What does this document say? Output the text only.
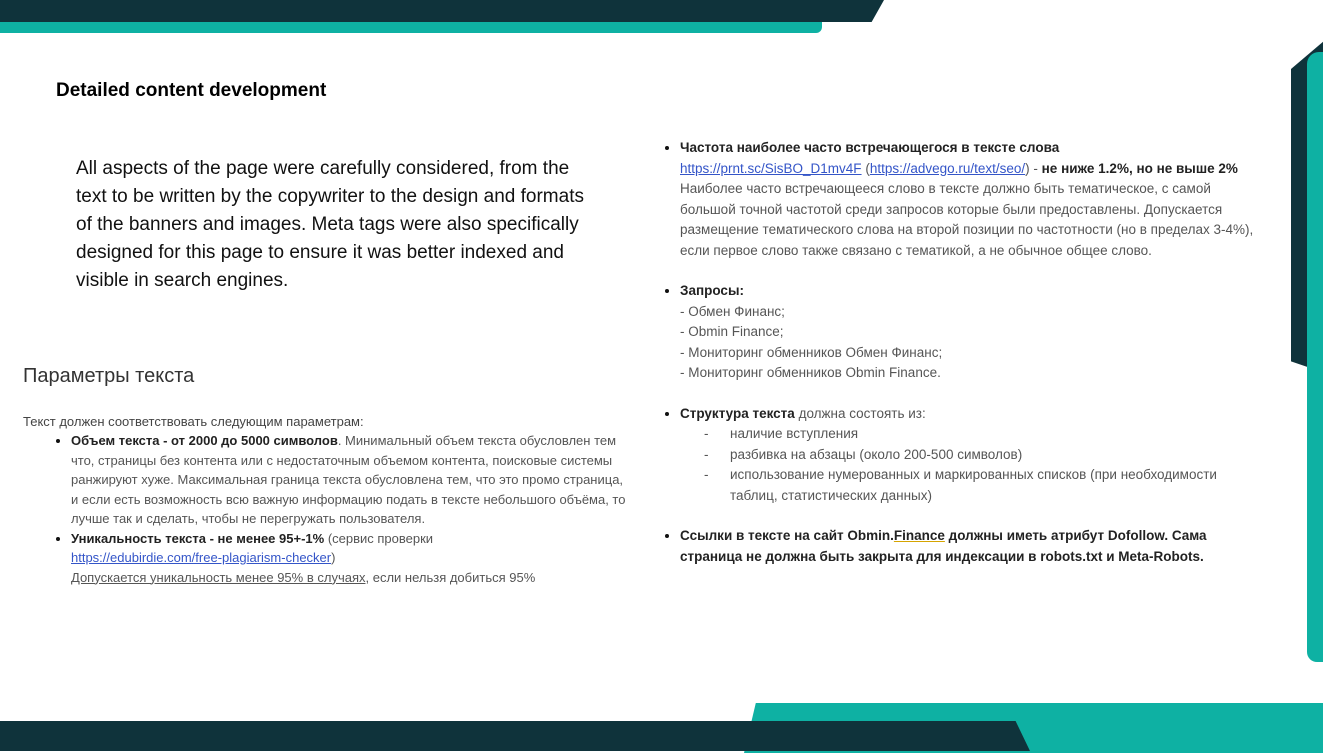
Detailed content development

All aspects of the page were carefully considered, from the text to be written by the copywriter to the design and formats of the banners and images. Meta tags were also specifically designed for this page to ensure it was better indexed and visible in search engines.

Параметры текста
Текст должен соответствовать следующим параметрам:
• Объем текста - от 2000 до 5000 символов. Минимальный объем текста обусловлен тем что, страницы без контента или с недостаточным объемом контента, поисковые системы ранжируют хуже. Максимальная граница текста обусловлена тем, что это промо страница, и если есть возможность всю важную информацию подать в тексте небольшого объёма, то лучше так и сделать, чтобы не перегружать пользователя.
• Уникальность текста - не менее 95+-1% (сервис проверки
https://edubirdie.com/free-plagiarism-checker)
Допускается уникальность менее 95% в случаях, если нельзя добиться 95%
• Частота наиболее часто встречающегося в тексте слова
https://prnt.sc/SisBO_D1mv4F (https://advego.ru/text/seo/) - не ниже 1.2%, но не выше 2%
Наиболее часто встречающееся слово в тексте должно быть тематическое, с самой большой точной частотой среди запросов которые были предоставлены. Допускается размещение тематического слова на второй позиции по частотности (но в пределах 3-4%), если первое слово также связано с тематикой, а не обычное общее слово.
• Запросы:
- Обмен Финанс;
- Obmin Finance;
- Мониторинг обменников Обмен Финанс;
- Мониторинг обменников Obmin Finance.
• Структура текста должна состоять из:
- наличие вступления
- разбивка на абзацы (около 200-500 символов)
- использование нумерованных и маркированных списков (при необходимости таблиц, статистических данных)
• Ссылки в тексте на сайт Obmin.Finance должны иметь атрибут Dofollow. Сама страница не должна быть закрыта для индексации в robots.txt и Meta-Robots.
